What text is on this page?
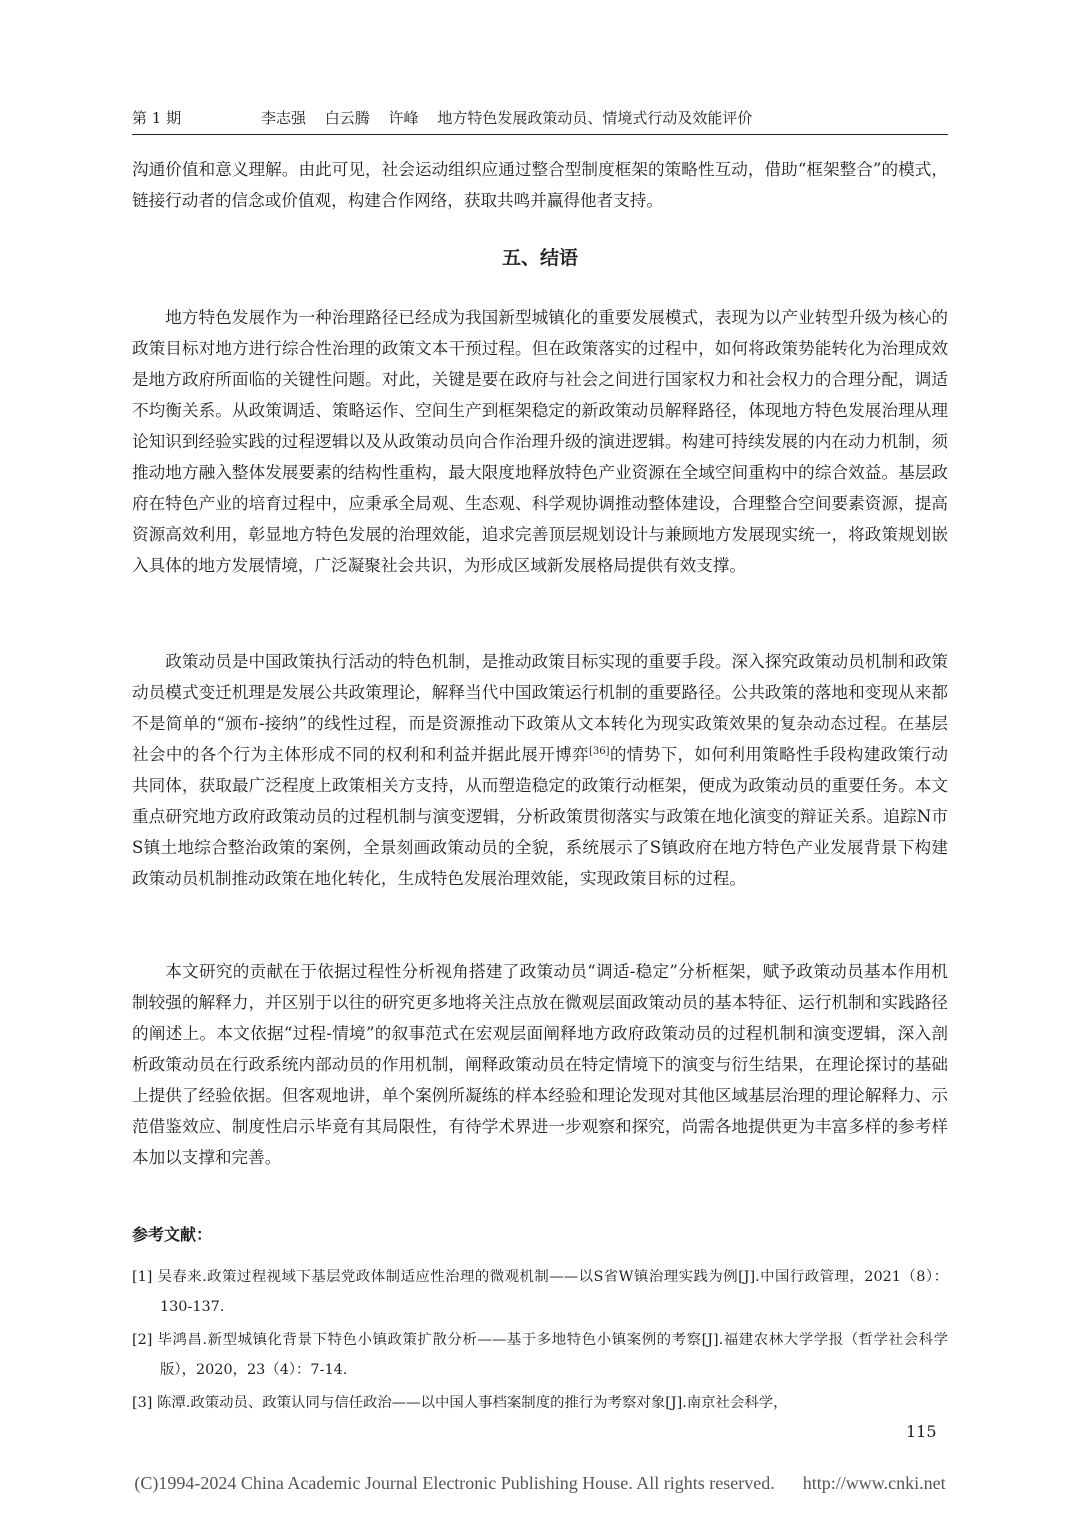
第 1 期	李志强 白云腾 许峰 地方特色发展政策动员、情境式行动及效能评价

沟通价值和意义理解。由此可见，社会运动组织应通过整合型制度框架的策略性互动，借助“框架整合”的模式，链接行动者的信念或价值观，构建合作网络，获取共鸣并赢得他者支持。

五、结语

地方特色发展作为一种治理路径已经成为我国新型城镇化的重要发展模式，表现为以产业转型升级为核心的政策目标对地方进行综合性治理的政策文本干预过程。但在政策落实的过程中，如何将政策势能转化为治理成效是地方政府所面临的关键性问题。对此，关键是要在政府与社会之间进行国家权力和社会权力的合理分配，调适不均衡关系。从政策调适、策略运作、空间生产到框架稳定的新政策动员解释路径，体现地方特色发展治理从理论知识到经验实践的过程逻辑以及从政策动员向合作治理升级的演进逻辑。构建可持续发展的内在动力机制，须推动地方融入整体发展要素的结构性重构，最大限度地释放特色产业资源在全域空间重构中的综合效益。基层政府在特色产业的培育过程中，应秉承全局观、生态观、科学观协调推动整体建设，合理整合空间要素资源，提高资源高效利用，彰显地方特色发展的治理效能，追求完善顶层规划设计与兼顾地方发展现实统一，将政策规划嵌入具体的地方发展情境，广泛凝聚社会共识，为形成区域新发展格局提供有效支撑。

政策动员是中国政策执行活动的特色机制，是推动政策目标实现的重要手段。深入探究政策动员机制和政策动员模式变迁机理是发展公共政策理论，解释当代中国政策运行机制的重要路径。公共政策的落地和变现从来都不是简单的“颁布-接纳”的线性过程，而是资源推动下政策从文本转化为现实政策效果的复杂动态过程。在基层社会中的各个行为主体形成不同的权利和利益并据此展开博弈[36]的情势下，如何利用策略性手段构建政策行动共同体，获取最广泛程度上政策相关方支持，从而塑造稳定的政策行动框架，便成为政策动员的重要任务。本文重点研究地方政府政策动员的过程机制与演变逻辑，分析政策贯彻落实与政策在地化演变的辩证关系。追踪N市S镇土地综合整治政策的案例，全景刻画政策动员的全貌，系统展示了S镇政府在地方特色产业发展背景下构建政策动员机制推动政策在地化转化，生成特色发展治理效能，实现政策目标的过程。

本文研究的贡献在于依据过程性分析视角搭建了政策动员“调适-稳定”分析框架，赋予政策动员基本作用机制较强的解释力，并区别于以往的研究更多地将关注点放在微观层面政策动员的基本特征、运行机制和实践路径的阐述上。本文依据“过程-情境”的叙事范式在宏观层面阐释地方政府政策动员的过程机制和演变逻辑，深入剖析政策动员在行政系统内部动员的作用机制，阐释政策动员在特定情境下的演变与衍生结果，在理论探讨的基础上提供了经验依据。但客观地讲，单个案例所凝练的样本经验和理论发现对其他区域基层治理的理论解释力、示范借鉴效应、制度性启示毕竟有其局限性，有待学术界进一步观察和探究，尚需各地提供更为丰富多样的参考样本加以支撑和完善。

参考文献：
[1] 吴春来.政策过程视域下基层党政体制适应性治理的微观机制——以S省W镇治理实践为例[J].中国行政管理，2021（8）：130-137.
[2] 毕鸿昌.新型城镇化背景下特色小镇政策扩散分析——基于多地特色小镇案例的考察[J].福建农林大学学报（哲学社会科学版），2020，23（4）：7-14.
[3] 陈潭.政策动员、政策认同与信任政治——以中国人事档案制度的推行为考察对象[J].南京社会科学，
115
(C)1994-2024 China Academic Journal Electronic Publishing House. All rights reserved. http://www.cnki.net
